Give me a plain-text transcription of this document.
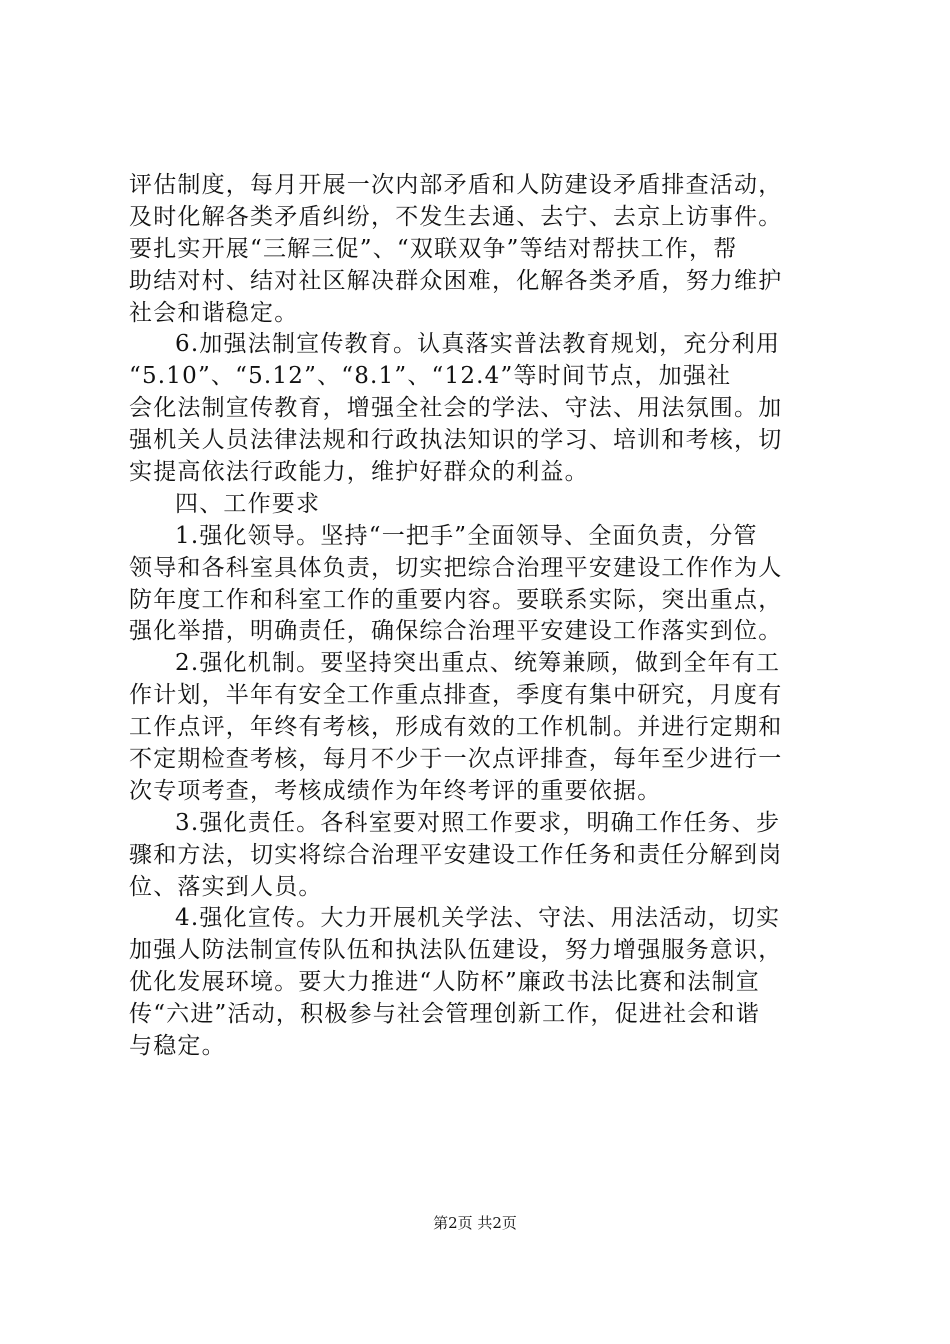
评估制度，每月开展一次内部矛盾和人防建设矛盾排查活动，
及时化解各类矛盾纠纷，不发生去通、去宁、去京上访事件。
要扎实开展“三解三促”、“双联双争”等结对帮扶工作，帮
助结对村、结对社区解决群众困难，化解各类矛盾，努力维护
社会和谐稳定。
6.加强法制宣传教育。认真落实普法教育规划，充分利用
“5.10”、“5.12”、“8.1”、“12.4”等时间节点，加强社
会化法制宣传教育，增强全社会的学法、守法、用法氛围。加
强机关人员法律法规和行政执法知识的学习、培训和考核，切
实提高依法行政能力，维护好群众的利益。
四、工作要求
1.强化领导。坚持“一把手”全面领导、全面负责，分管
领导和各科室具体负责，切实把综合治理平安建设工作作为人
防年度工作和科室工作的重要内容。要联系实际，突出重点，
强化举措，明确责任，确保综合治理平安建设工作落实到位。
2.强化机制。要坚持突出重点、统筹兼顾，做到全年有工
作计划，半年有安全工作重点排查，季度有集中研究，月度有
工作点评，年终有考核，形成有效的工作机制。并进行定期和
不定期检查考核，每月不少于一次点评排查，每年至少进行一
次专项考查，考核成绩作为年终考评的重要依据。
3.强化责任。各科室要对照工作要求，明确工作任务、步
骤和方法，切实将综合治理平安建设工作任务和责任分解到岗
位、落实到人员。
4.强化宣传。大力开展机关学法、守法、用法活动，切实
加强人防法制宣传队伍和执法队伍建设，努力增强服务意识，
优化发展环境。要大力推进“人防杯”廉政书法比赛和法制宣
传“六进”活动，积极参与社会管理创新工作，促进社会和谐
与稳定。
第2页 共2页
